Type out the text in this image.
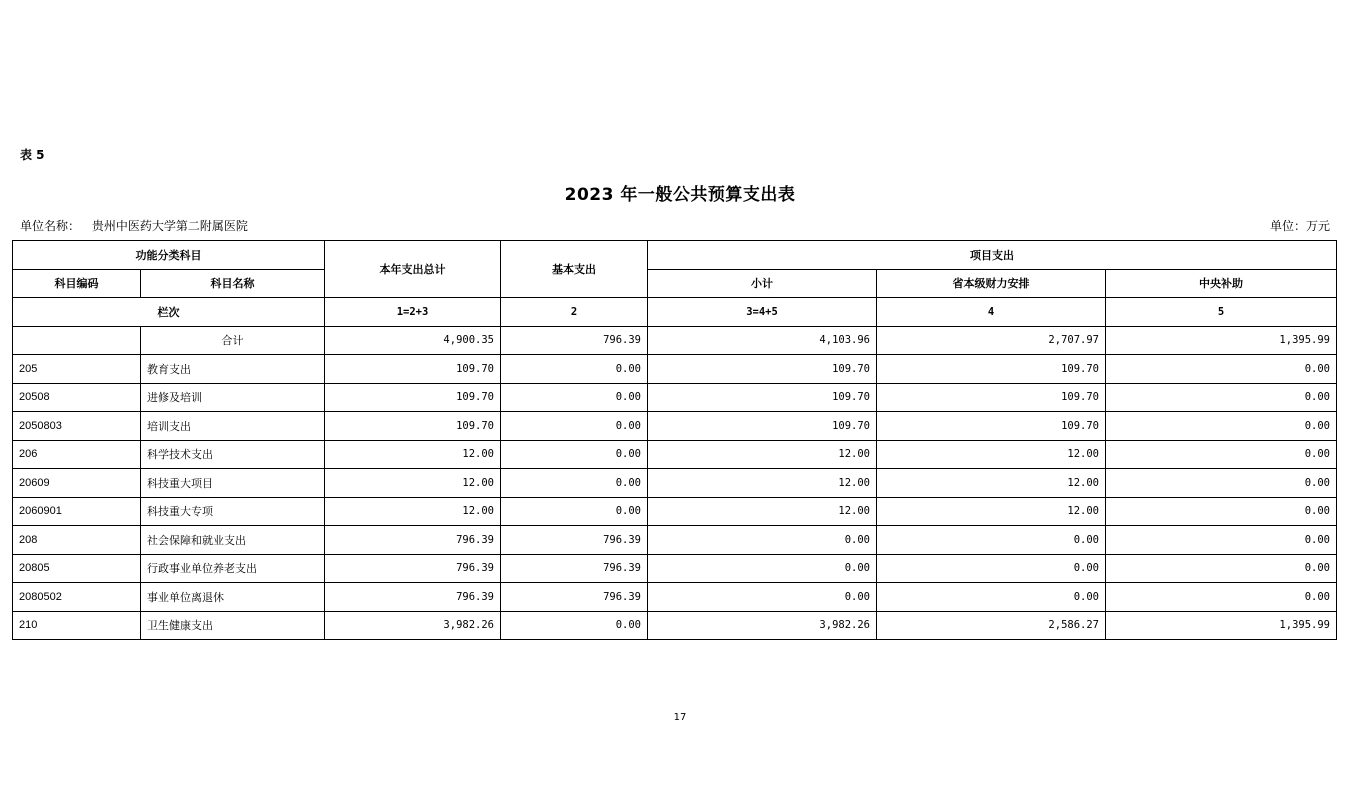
表 5
2023 年一般公共预算支出表
单位名称： 贵州中医药大学第二附属医院	单位：万元
功能分类科目		本年支出总计	基本支出	项目支出		
科目编码	科目名称			小计	省本级财力安排	中央补助
栏次		1=2+3	2	3=4+5	4	5
	合计	4,900.35	796.39	4,103.96	2,707.97	1,395.99
205	教育支出	109.70	0.00	109.70	109.70	0.00
20508	进修及培训	109.70	0.00	109.70	109.70	0.00
2050803	培训支出	109.70	0.00	109.70	109.70	0.00
206	科学技术支出	12.00	0.00	12.00	12.00	0.00
20609	科技重大项目	12.00	0.00	12.00	12.00	0.00
2060901	科技重大专项	12.00	0.00	12.00	12.00	0.00
208	社会保障和就业支出	796.39	796.39	0.00	0.00	0.00
20805	行政事业单位养老支出	796.39	796.39	0.00	0.00	0.00
2080502	事业单位离退休	796.39	796.39	0.00	0.00	0.00
210	卫生健康支出	3,982.26	0.00	3,982.26	2,586.27	1,395.99
17
